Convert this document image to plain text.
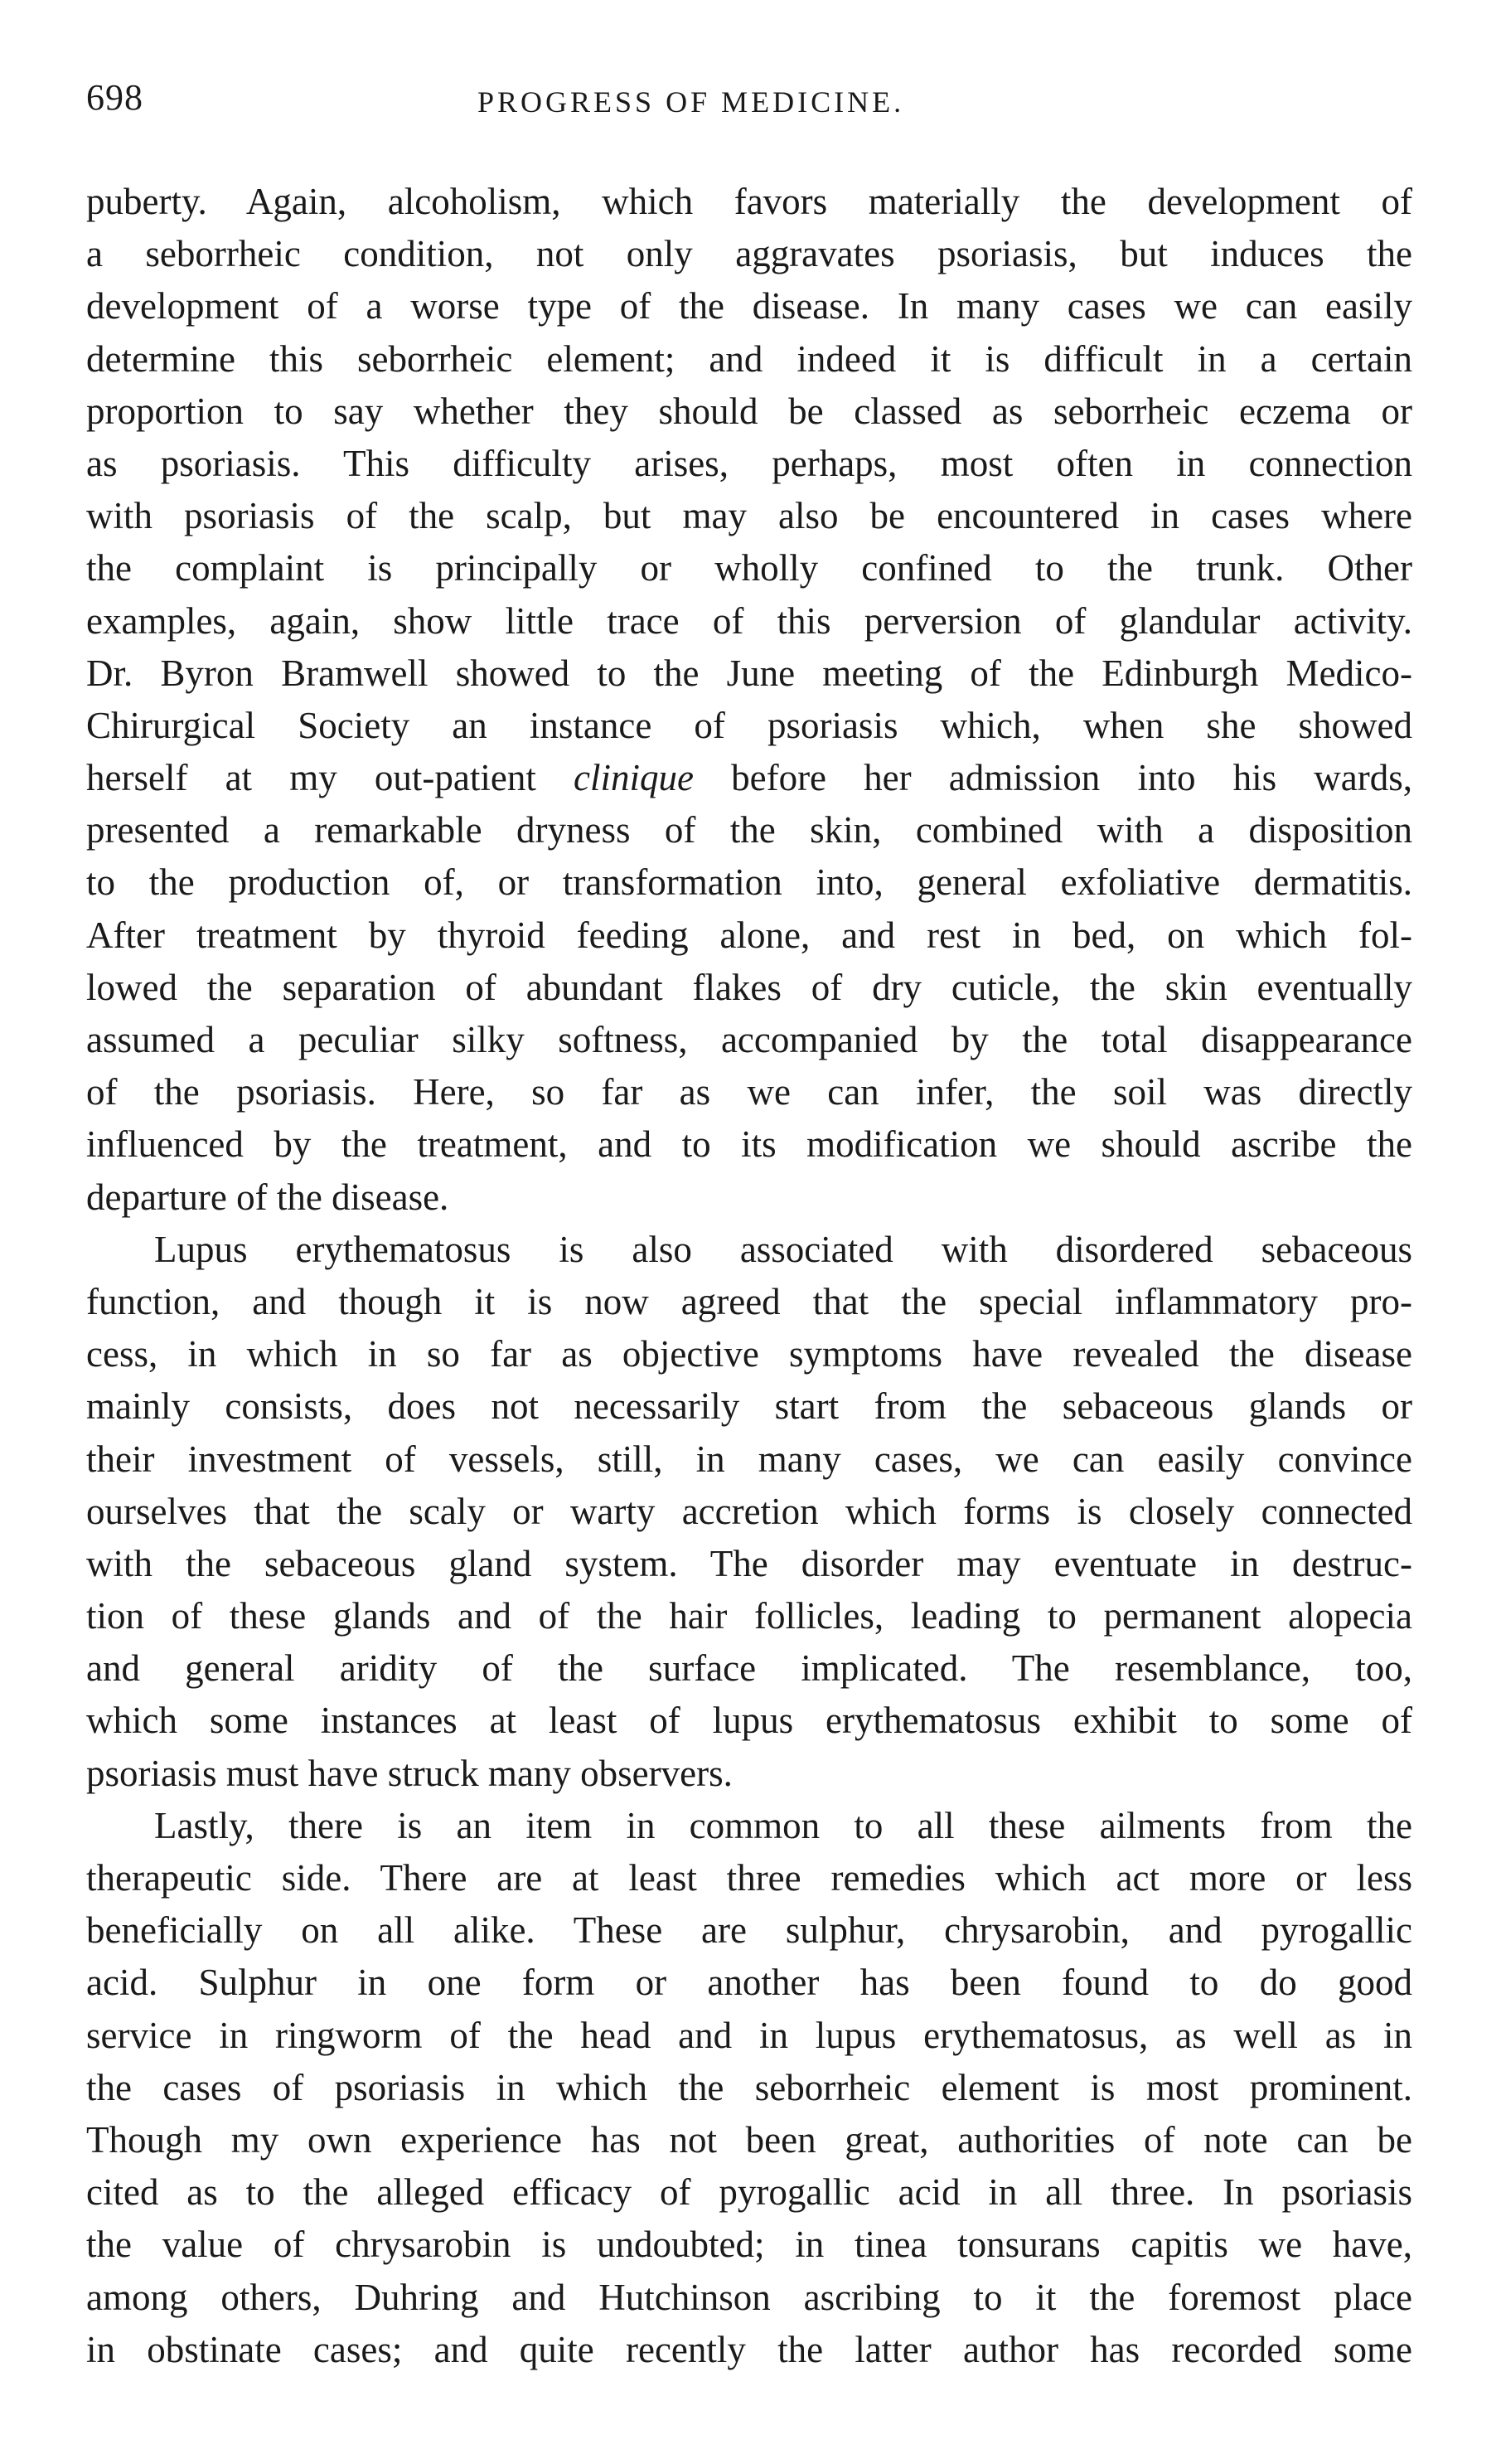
698	PROGRESS OF MEDICINE.
puberty. Again, alcoholism, which favors materially the development of
a seborrheic condition, not only aggravates psoriasis, but induces the
development of a worse type of the disease. In many cases we can easily
determine this seborrheic element; and indeed it is difficult in a certain
proportion to say whether they should be classed as seborrheic eczema or
as psoriasis. This difficulty arises, perhaps, most often in connection
with psoriasis of the scalp, but may also be encountered in cases where
the complaint is principally or wholly confined to the trunk. Other
examples, again, show little trace of this perversion of glandular activity.
Dr. Byron Bramwell showed to the June meeting of the Edinburgh Medico-
Chirurgical Society an instance of psoriasis which, when she showed
herself at my out-patient clinique before her admission into his wards,
presented a remarkable dryness of the skin, combined with a disposition
to the production of, or transformation into, general exfoliative dermatitis.
After treatment by thyroid feeding alone, and rest in bed, on which fol-
lowed the separation of abundant flakes of dry cuticle, the skin eventually
assumed a peculiar silky softness, accompanied by the total disappearance
of the psoriasis. Here, so far as we can infer, the soil was directly
influenced by the treatment, and to its modification we should ascribe the
departure of the disease.
Lupus erythematosus is also associated with disordered sebaceous
function, and though it is now agreed that the special inflammatory pro-
cess, in which in so far as objective symptoms have revealed the disease
mainly consists, does not necessarily start from the sebaceous glands or
their investment of vessels, still, in many cases, we can easily convince
ourselves that the scaly or warty accretion which forms is closely connected
with the sebaceous gland system. The disorder may eventuate in destruc-
tion of these glands and of the hair follicles, leading to permanent alopecia
and general aridity of the surface implicated. The resemblance, too,
which some instances at least of lupus erythematosus exhibit to some of
psoriasis must have struck many observers.
Lastly, there is an item in common to all these ailments from the
therapeutic side. There are at least three remedies which act more or less
beneficially on all alike. These are sulphur, chrysarobin, and pyrogallic
acid. Sulphur in one form or another has been found to do good
service in ringworm of the head and in lupus erythematosus, as well as in
the cases of psoriasis in which the seborrheic element is most prominent.
Though my own experience has not been great, authorities of note can be
cited as to the alleged efficacy of pyrogallic acid in all three. In psoriasis
the value of chrysarobin is undoubted; in tinea tonsurans capitis we have,
among others, Duhring and Hutchinson ascribing to it the foremost place
in obstinate cases; and quite recently the latter author has recorded some
